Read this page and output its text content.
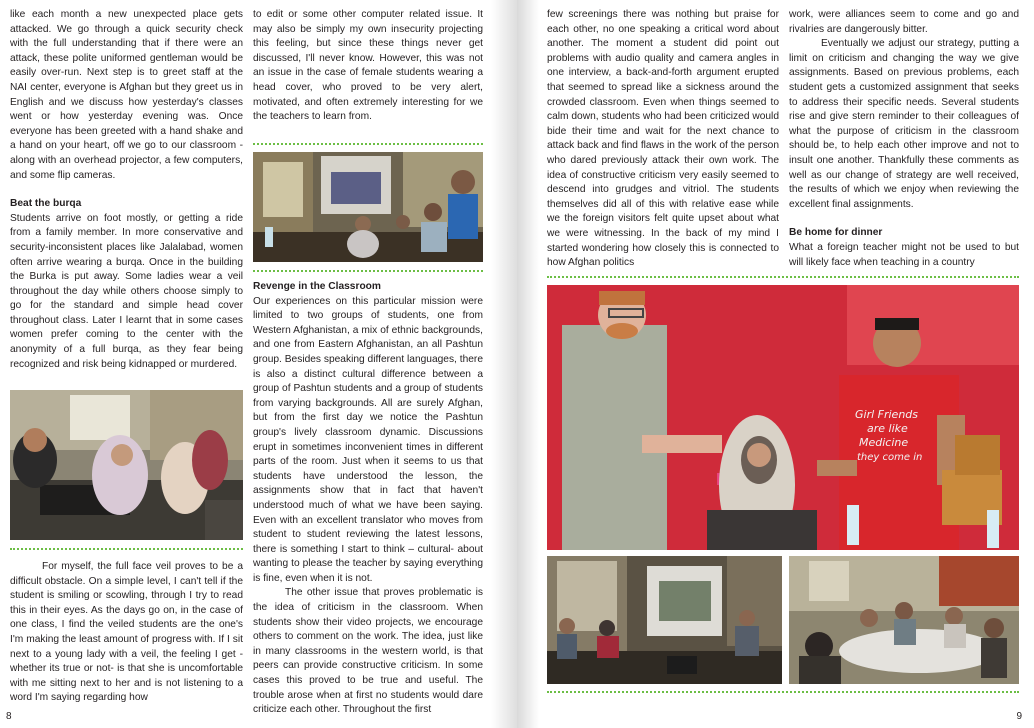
like each month a new unexpected place gets attacked. We go through a quick security check with the full understanding that if there were an attack, these polite uniformed gentleman would be easily over-run. Next step is to greet staff at the NAI center, everyone is Afghan but they greet us in English and we discuss how yesterday's classes went or how yesterday evening was. Once everyone has been greeted with a hand shake and a hand on your heart, off we go to our classroom - along with an overhead projector, a few computers, and some flip cameras.

Beat the burqa

Students arrive on foot mostly, or getting a ride from a family member. In more conservative and security-inconsistent places like Jalalabad, women often arrive wearing a burqa. Once in the building the Burka is put away. Some ladies wear a veil throughout the day while others choose simply to go for the standard and simple head cover throughout class. Later I learnt that in some cases women prefer coming to the center with the anonymity of a full burqa, as they fear being recognized and risk being kidnapped or murdered.

For myself, the full face veil proves to be a difficult obstacle. On a simple level, I can't tell if the student is smiling or scowling, through I try to read this in their eyes. As the days go on, in the case of one class, I find the veiled students are the one's I'm making the least amount of progress with. If I sit next to a young lady with a veil, the feeling I get - whether its true or not- is that she is uncomfortable with me sitting next to her and is not listening to a word I'm saying regarding how

to edit or some other computer related issue. It may also be simply my own insecurity projecting this feeling, but since these things never get discussed, I'll never know. However, this was not an issue in the case of female students wearing a head cover, who proved to be very alert, motivated, and often extremely interesting for we the teachers to learn from.

Revenge in the Classroom

Our experiences on this particular mission were limited to two groups of students, one from Western Afghanistan, a mix of ethnic backgrounds, and one from Eastern Afghanistan, an all Pashtun group. Besides speaking different languages, there is also a distinct cultural difference between a group of Pashtun students and a group of students from varying backgrounds. All are surely Afghan, but from the first day we notice the Pashtun group's lively classroom dynamic. Discussions erupt in sometimes inconvenient times in different parts of the room. Just when it seems to us that students have understood the lesson, the assignments show that in fact that haven't understood much of what we have been saying. Even with an excellent translator who moves from student to student reviewing the latest lessons, there is something I start to think – cultural- about wanting to please the teacher by saying everything is fine, even when it is not.

The other issue that proves problematic is the idea of criticism in the classroom. When students show their video projects, we encourage others to comment on the work. The idea, just like in many classrooms in the western world, is that peers can provide constructive criticism. In some cases this proved to be true and useful. The trouble arose when at first no students would dare criticize each other. Throughout the first

8

few screenings there was nothing but praise for each other, no one speaking a critical word about another. The moment a student did point out problems with audio quality and camera angles in one interview, a back-and-forth argument erupted that seemed to spread like a sickness around the crowded classroom. Even when things seemed to calm down, students who had been criticized would bide their time and wait for the next chance to attack back and find flaws in the work of the person who dared previously attack their own work. The idea of constructive criticism very easily seemed to descend into grudges and vitriol. The students themselves did all of this with relative ease while we the foreign visitors felt quite upset about what we were witnessing. In the back of my mind I started wondering how closely this is connected to how Afghan politics

work, were alliances seem to come and go and rivalries are dangerously bitter.

Eventually we adjust our strategy, putting a limit on criticism and changing the way we give assignments. Based on previous problems, each student gets a customized assignment that seeks to address their specific needs. Several students rise and give stern reminder to their colleagues of what the purpose of criticism in the classroom should be, to help each other improve and not to insult one another. Thankfully these comments as well as our change of strategy are well received, the results of which we enjoy when reviewing the excellent final assignments.

Be home for dinner

What a foreign teacher might not be used to but will likely face when teaching in a country

Girl Friends
are like
Medicine
they come in
9
